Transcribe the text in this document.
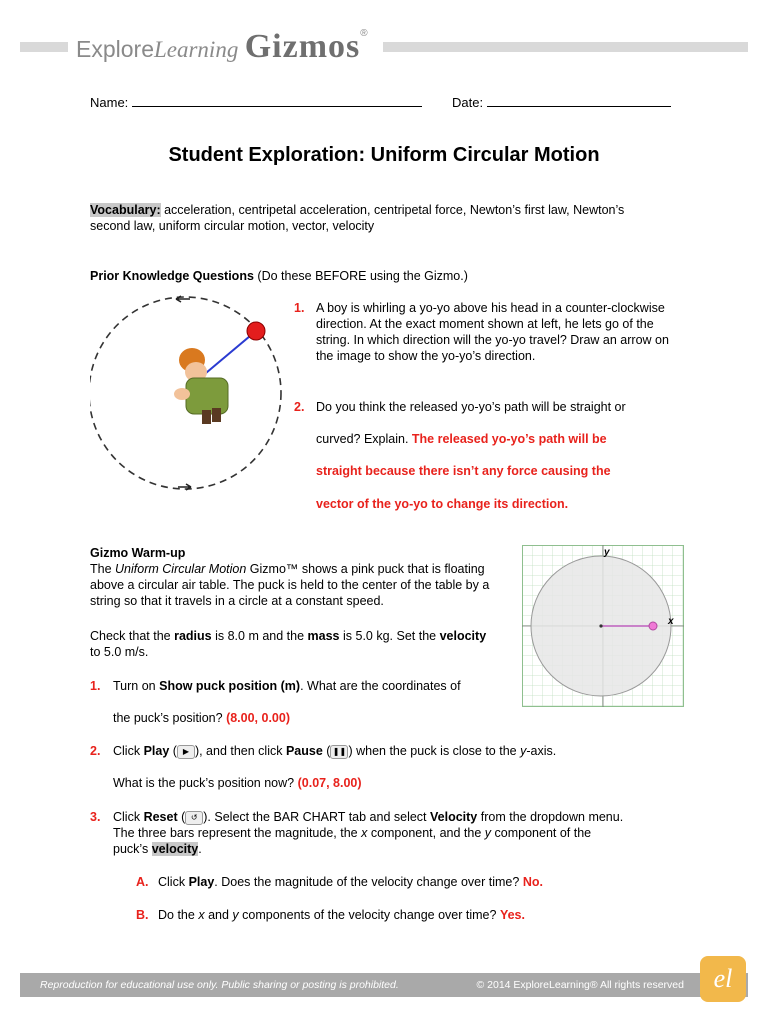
ExploreLearning Gizmos®
Name:	Date:
Student Exploration: Uniform Circular Motion
Vocabulary: acceleration, centripetal acceleration, centripetal force, Newton’s first law, Newton’s second law, uniform circular motion, vector, velocity
Prior Knowledge Questions (Do these BEFORE using the Gizmo.)
1. A boy is whirling a yo-yo above his head in a counter-clockwise direction. At the exact moment shown at left, he lets go of the string. In which direction will the yo-yo travel? Draw an arrow on the image to show the yo-yo’s direction.
2. Do you think the released yo-yo’s path will be straight or
curved? Explain. The released yo-yo’s path will be
straight because there isn’t any force causing the
vector of the yo-yo to change its direction.
Gizmo Warm-up
The Uniform Circular Motion Gizmo™ shows a pink puck that is floating above a circular air table. The puck is held to the center of the table by a string so that it travels in a circle at a constant speed.
Check that the radius is 8.0 m and the mass is 5.0 kg. Set the velocity to 5.0 m/s.
y
x
1. Turn on Show puck position (m). What are the coordinates of
the puck’s position? (8.00, 0.00)
2. Click Play ( ▶ ), and then click Pause ( ❚❚ ) when the puck is close to the y-axis.
What is the puck’s position now? (0.07, 8.00)
3. Click Reset ( ↺ ). Select the BAR CHART tab and select Velocity from the dropdown menu.
The three bars represent the magnitude, the x component, and the y component of the
puck’s velocity.
A. Click Play. Does the magnitude of the velocity change over time? No.
B. Do the x and y components of the velocity change over time? Yes.
Reproduction for educational use only. Public sharing or posting is prohibited.	© 2014 ExploreLearning® All rights reserved	el
